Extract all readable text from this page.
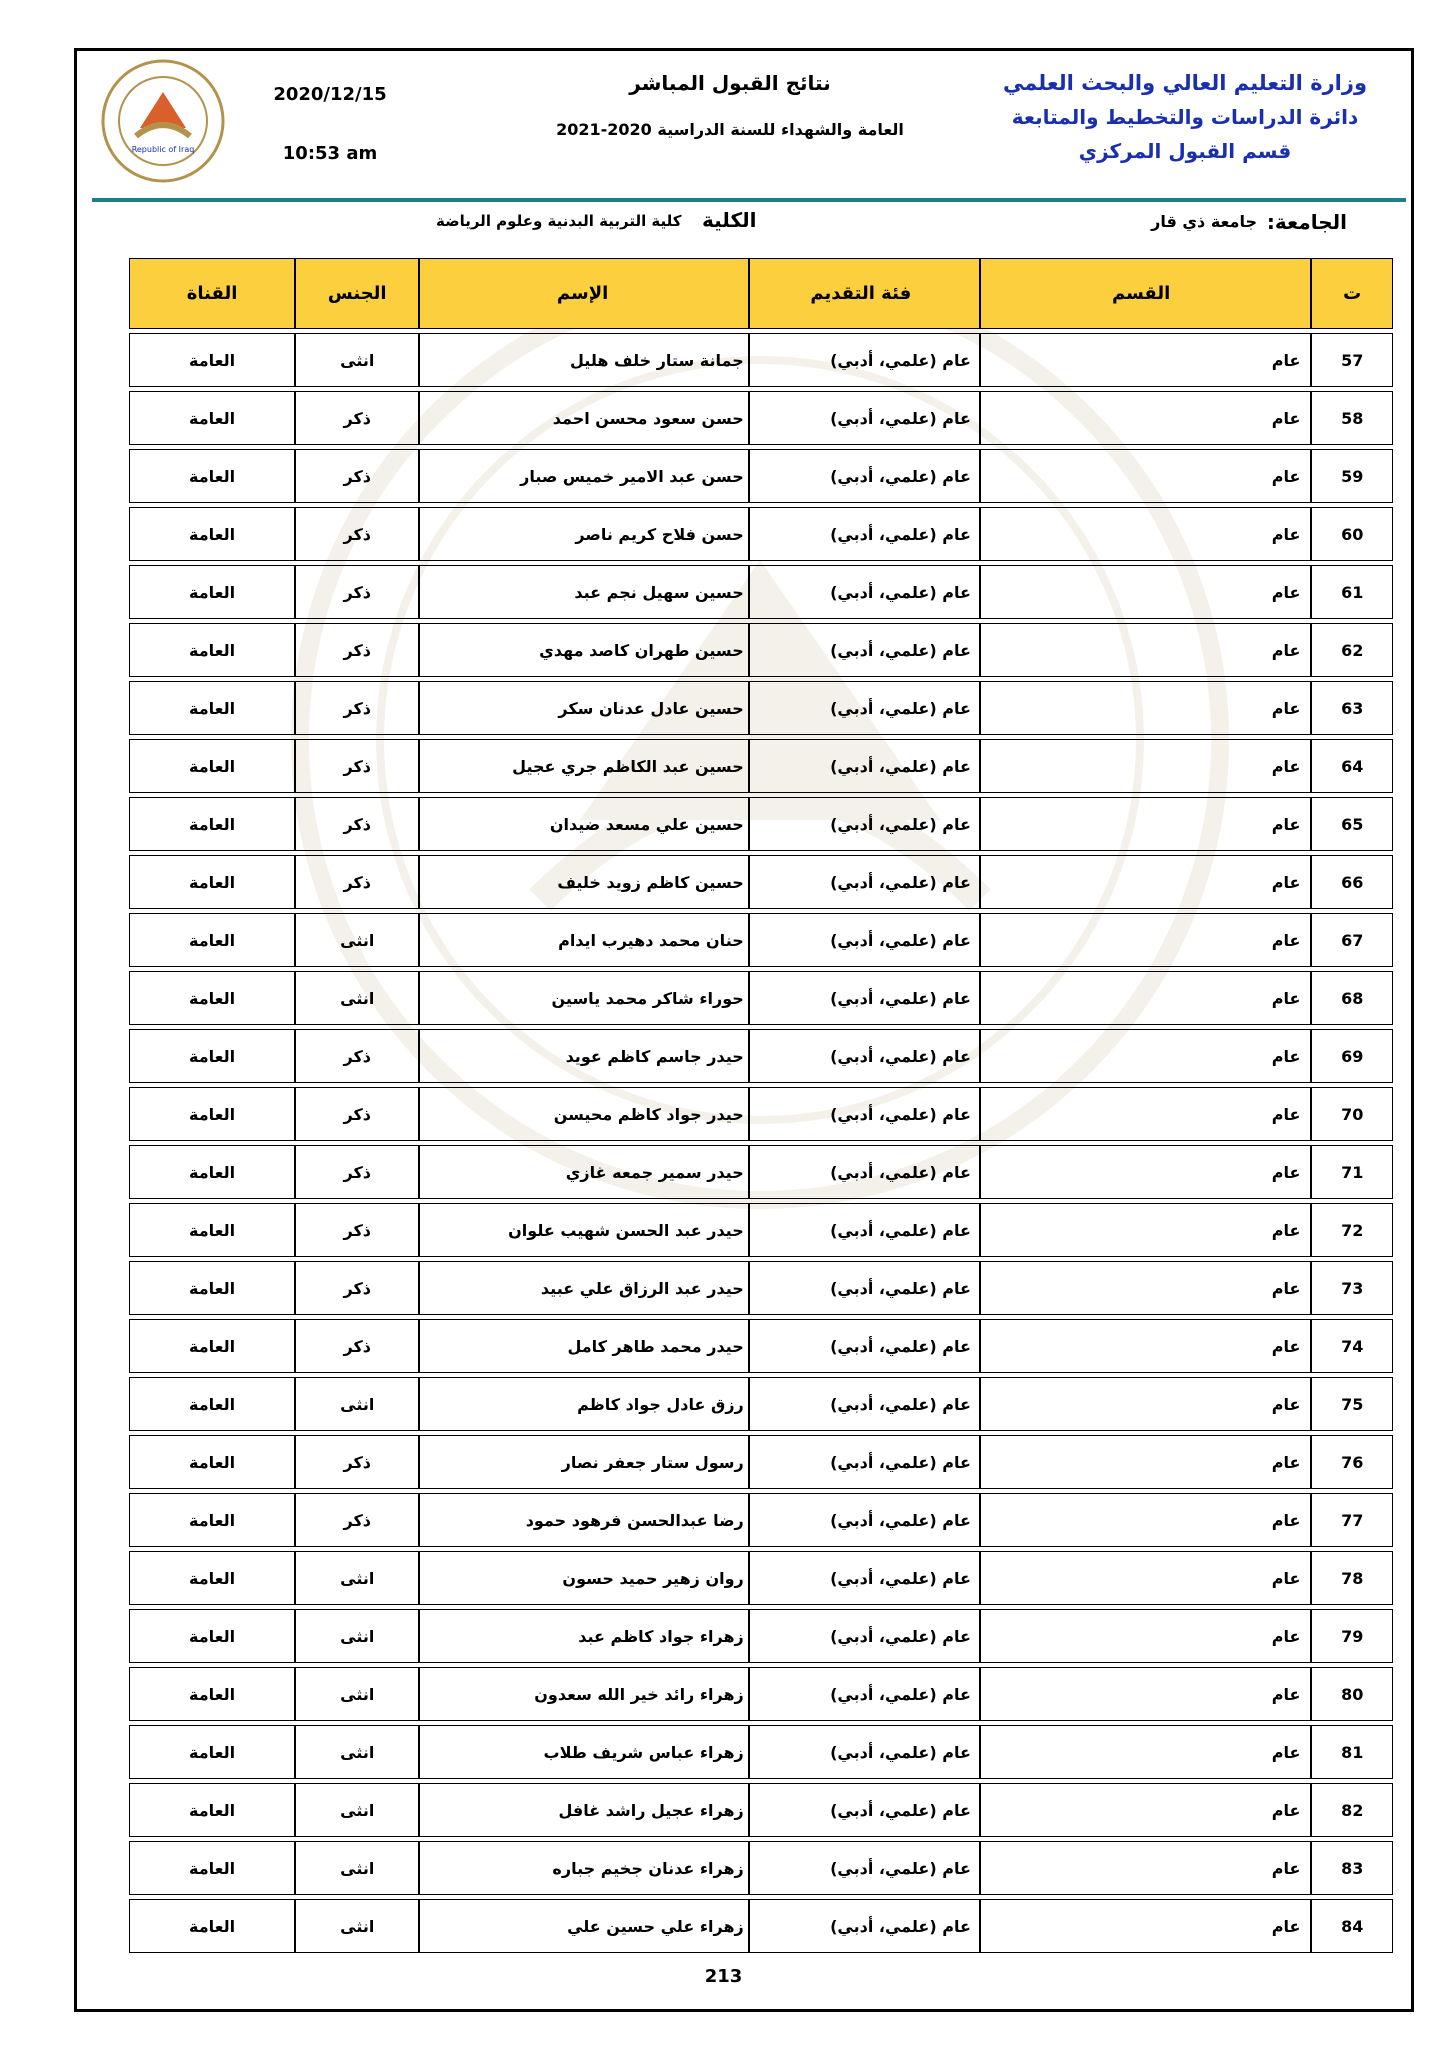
وزارة التعليم العالي والبحث العلمي
دائرة الدراسات والتخطيط والمتابعة
قسم القبول المركزي
نتائج القبول المباشر
العامة والشهداء للسنة الدراسية 2020-2021
2020/12/15
10:53 am
Republic of Iraq
الجامعة:
جامعة ذي قار
الكلية
كلية التربية البدنية وعلوم الرياضة
ت	القسم	فئة التقديم	الإسم	الجنس	القناة
57	عام	عام (علمي، أدبي)	جمانة ستار خلف هليل	انثى	العامة
58	عام	عام (علمي، أدبي)	حسن سعود محسن احمد	ذكر	العامة
59	عام	عام (علمي، أدبي)	حسن عبد الامير خميس صبار	ذكر	العامة
60	عام	عام (علمي، أدبي)	حسن فلاح كريم ناصر	ذكر	العامة
61	عام	عام (علمي، أدبي)	حسين سهيل نجم عبد	ذكر	العامة
62	عام	عام (علمي، أدبي)	حسين طهران كاصد مهدي	ذكر	العامة
63	عام	عام (علمي، أدبي)	حسين عادل عدنان سكر	ذكر	العامة
64	عام	عام (علمي، أدبي)	حسين عبد الكاظم جري عجيل	ذكر	العامة
65	عام	عام (علمي، أدبي)	حسين علي مسعد ضيدان	ذكر	العامة
66	عام	عام (علمي، أدبي)	حسين كاظم زويد خليف	ذكر	العامة
67	عام	عام (علمي، أدبي)	حنان محمد دهيرب ايدام	انثى	العامة
68	عام	عام (علمي، أدبي)	حوراء شاكر محمد ياسين	انثى	العامة
69	عام	عام (علمي، أدبي)	حيدر جاسم كاظم عويد	ذكر	العامة
70	عام	عام (علمي، أدبي)	حيدر جواد كاظم محيسن	ذكر	العامة
71	عام	عام (علمي، أدبي)	حيدر سمير جمعه غازي	ذكر	العامة
72	عام	عام (علمي، أدبي)	حيدر عبد الحسن شهيب علوان	ذكر	العامة
73	عام	عام (علمي، أدبي)	حيدر عبد الرزاق علي عبيد	ذكر	العامة
74	عام	عام (علمي، أدبي)	حيدر محمد طاهر كامل	ذكر	العامة
75	عام	عام (علمي، أدبي)	رزق عادل جواد كاظم	انثى	العامة
76	عام	عام (علمي، أدبي)	رسول ستار جعفر نصار	ذكر	العامة
77	عام	عام (علمي، أدبي)	رضا عبدالحسن فرهود حمود	ذكر	العامة
78	عام	عام (علمي، أدبي)	روان زهير حميد حسون	انثى	العامة
79	عام	عام (علمي، أدبي)	زهراء جواد كاظم عبد	انثى	العامة
80	عام	عام (علمي، أدبي)	زهراء رائد خير الله سعدون	انثى	العامة
81	عام	عام (علمي، أدبي)	زهراء عباس شريف طلاب	انثى	العامة
82	عام	عام (علمي، أدبي)	زهراء عجيل راشد غافل	انثى	العامة
83	عام	عام (علمي، أدبي)	زهراء عدنان جخيم جباره	انثى	العامة
84	عام	عام (علمي، أدبي)	زهراء علي حسين علي	انثى	العامة
213
